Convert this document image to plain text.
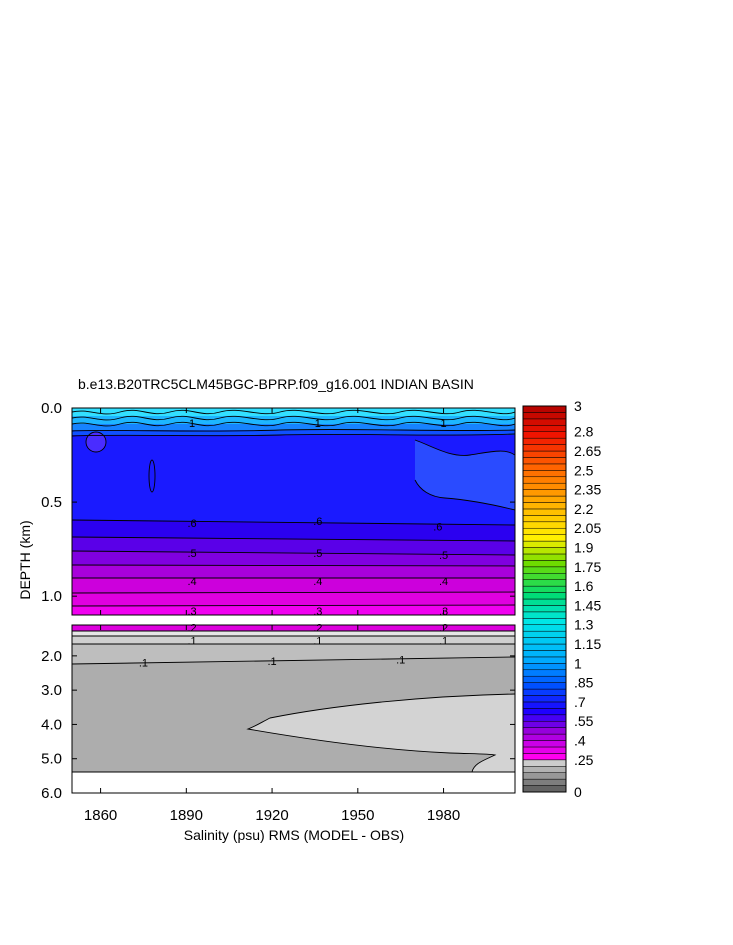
b.e13.B20TRC5CLM45BGC-BPRP.f09_g16.001 INDIAN BASIN
.6	.6	.6
.5	.5	.5
.4	.4	.4
.3	.3	.3
1	1	1
.2	.2	.2
.1	.1	.1
.1	.1	.1
1860	1890	1920	1950	1980
0.0
0.5
1.0
2.0
3.0
4.0
5.0
6.0
Salinity (psu) RMS (MODEL - OBS)
DEPTH (km)
3
2.8
2.65
2.5
2.35
2.2
2.05
1.9
1.75
1.6
1.45
1.3
1.15
1
.85
.7
.55
.4
.25
0
